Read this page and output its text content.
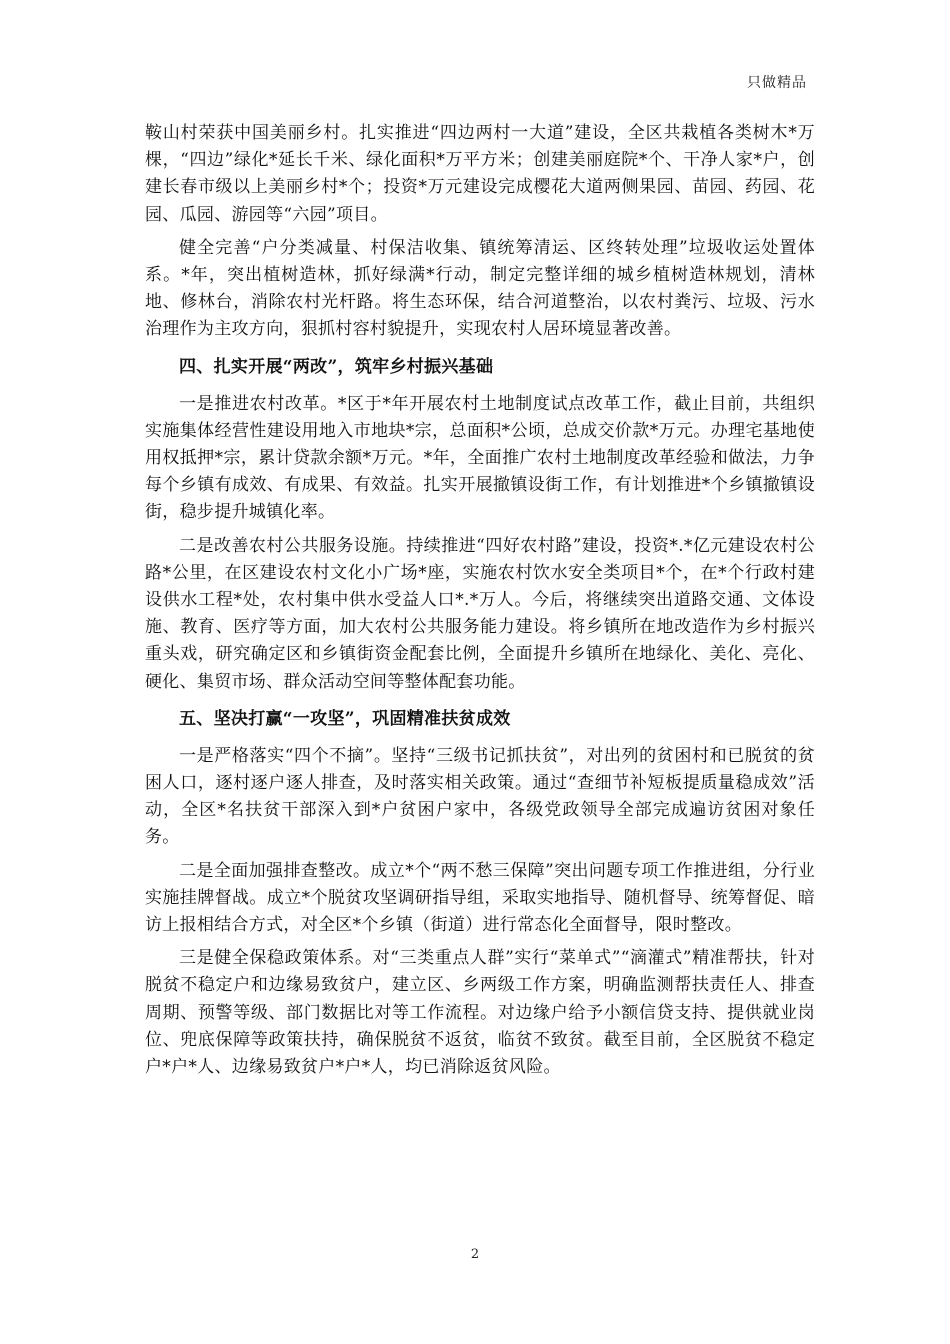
只做精品

鞍山村荣获中国美丽乡村。扎实推进“四边两村一大道”建设，全区共栽植各类树木*万棵，“四边”绿化*延长千米、绿化面积*万平方米；创建美丽庭院*个、干净人家*户，创建长春市级以上美丽乡村*个；投资*万元建设完成樱花大道两侧果园、苗园、药园、花园、瓜园、游园等“六园”项目。

健全完善“户分类减量、村保洁收集、镇统筹清运、区终转处理”垃圾收运处置体系。*年，突出植树造林，抓好绿满*行动，制定完整详细的城乡植树造林规划，清林地、修林台，消除农村光杆路。将生态环保，结合河道整治，以农村粪污、垃圾、污水治理作为主攻方向，狠抓村容村貌提升，实现农村人居环境显著改善。

四、扎实开展“两改”，筑牢乡村振兴基础

一是推进农村改革。*区于*年开展农村土地制度试点改革工作，截止目前，共组织实施集体经营性建设用地入市地块*宗，总面积*公顷，总成交价款*万元。办理宅基地使用权抵押*宗，累计贷款余额*万元。*年，全面推广农村土地制度改革经验和做法，力争每个乡镇有成效、有成果、有效益。扎实开展撤镇设街工作，有计划推进*个乡镇撤镇设街，稳步提升城镇化率。

二是改善农村公共服务设施。持续推进“四好农村路”建设，投资*.*亿元建设农村公路*公里，在区建设农村文化小广场*座，实施农村饮水安全类项目*个，在*个行政村建设供水工程*处，农村集中供水受益人口*.*万人。今后，将继续突出道路交通、文体设施、教育、医疗等方面，加大农村公共服务能力建设。将乡镇所在地改造作为乡村振兴重头戏，研究确定区和乡镇街资金配套比例，全面提升乡镇所在地绿化、美化、亮化、硬化、集贸市场、群众活动空间等整体配套功能。

五、坚决打赢“一攻坚”，巩固精准扶贫成效

一是严格落实“四个不摘”。坚持“三级书记抓扶贫”，对出列的贫困村和已脱贫的贫困人口，逐村逐户逐人排查，及时落实相关政策。通过“查细节补短板提质量稳成效”活动，全区*名扶贫干部深入到*户贫困户家中，各级党政领导全部完成遍访贫困对象任务。

二是全面加强排查整改。成立*个“两不愁三保障”突出问题专项工作推进组，分行业实施挂牌督战。成立*个脱贫攻坚调研指导组，采取实地指导、随机督导、统筹督促、暗访上报相结合方式，对全区*个乡镇（街道）进行常态化全面督导，限时整改。

三是健全保稳政策体系。对“三类重点人群”实行“菜单式”“滴灌式”精准帮扶，针对脱贫不稳定户和边缘易致贫户，建立区、乡两级工作方案，明确监测帮扶责任人、排查周期、预警等级、部门数据比对等工作流程。对边缘户给予小额信贷支持、提供就业岗位、兜底保障等政策扶持，确保脱贫不返贫，临贫不致贫。截至目前，全区脱贫不稳定户*户*人、边缘易致贫户*户*人，均已消除返贫风险。

2
